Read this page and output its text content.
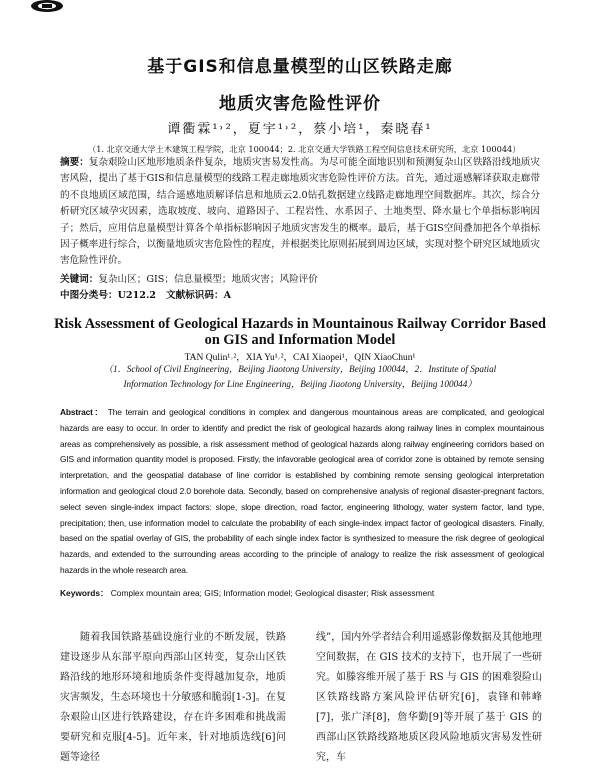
基于GIS和信息量模型的山区铁路走廊
地质灾害危险性评价
谭衢霖¹˒²，夏宇¹˒²，蔡小培¹，秦晓春¹
（1. 北京交通大学土木建筑工程学院，北京 100044；2. 北京交通大学铁路工程空间信息技术研究所，北京 100044）
摘要：复杂艰险山区地形地质条件复杂，地质灾害易发性高。为尽可能全面地识别和预测复杂山区铁路沿线地质灾害风险，提出了基于GIS和信息量模型的线路工程走廊地质灾害危险性评价方法。首先，通过遥感解译获取走廊带的不良地质区域范围，结合遥感地质解译信息和地质云2.0钻孔数据建立线路走廊地理空间数据库。其次，综合分析研究区域孕灾因素，选取坡度、坡向、道路因子、工程岩性、水系因子、土地类型、降水量七个单指标影响因子；然后，应用信息量模型计算各个单指标影响因子地质灾害发生的概率。最后，基于GIS空间叠加把各个单指标因子概率进行综合，以衡量地质灾害危险性的程度，并根据类比原则拓展到周边区域，实现对整个研究区域地质灾害危险性评价。
关键词：复杂山区；GIS；信息量模型；地质灾害；风险评价
中图分类号：U212.2 文献标识码：A
Risk Assessment of Geological Hazards in Mountainous Railway Corridor Based
on GIS and Information Model
TAN Qulin¹˒²，XIA Yu¹˒²，CAI Xiaopei¹，QIN XiaoChun¹
（1．School of Civil Engineering，Beijing Jiaotong University，Beijing 100044，2．Institute of Spatial Information Technology for Line Engineering，Beijing Jiaotong University，Beijing 100044）
Abstract： The terrain and geological conditions in complex and dangerous mountainous areas are complicated, and geological hazards are easy to occur. In order to identify and predict the risk of geological hazards along railway lines in complex mountainous areas as comprehensively as possible, a risk assessment method of geological hazards along railway engineering corridors based on GIS and information quantity model is proposed. Firstly, the infavorable geological area of corridor zone is obtained by remote sensing interpretation, and the geospatial database of line corridor is established by combining remote sensing geological interpretation information and geological cloud 2.0 borehole data. Secondly, based on comprehensive analysis of regional disaster-pregnant factors, select seven single-index impact factors: slope, slope direction, road factor, engineering lithology, water system factor, land type, precipitation; then, use information model to calculate the probability of each single-index impact factor of geological disasters. Finally, based on the spatial overlay of GIS, the probability of each single index factor is synthesized to measure the risk degree of geological hazards, and extended to the surrounding areas according to the principle of analogy to realize the risk assessment of geological hazards in the whole research area.
Keywords： Complex mountain area; GIS; Information model; Geological disaster; Risk assessment
随着我国铁路基础设施行业的不断发展，铁路建设逐步从东部平原向西部山区转变，复杂山区铁路沿线的地形环境和地质条件变得越加复杂，地质灾害频发，生态环境也十分敏感和脆弱[1-3]。在复杂艰险山区进行铁路建设，存在许多困难和挑战需要研究和克服[4-5]。近年来，针对地质选线[6]问题等途径
线”，国内外学者结合利用遥感影像数据及其他地理空间数据，在 GIS 技术的支持下，也开展了一些研究。如滕容维开展了基于 RS 与 GIS 的困难裂险山区铁路线路方案风险评估研究[6]，袁锋和韩峰[7]，张广泽[8]，詹华勤[9]等开展了基于 GIS 的西部山区铁路线路地质区段风险地质灾害易发性研究，车
